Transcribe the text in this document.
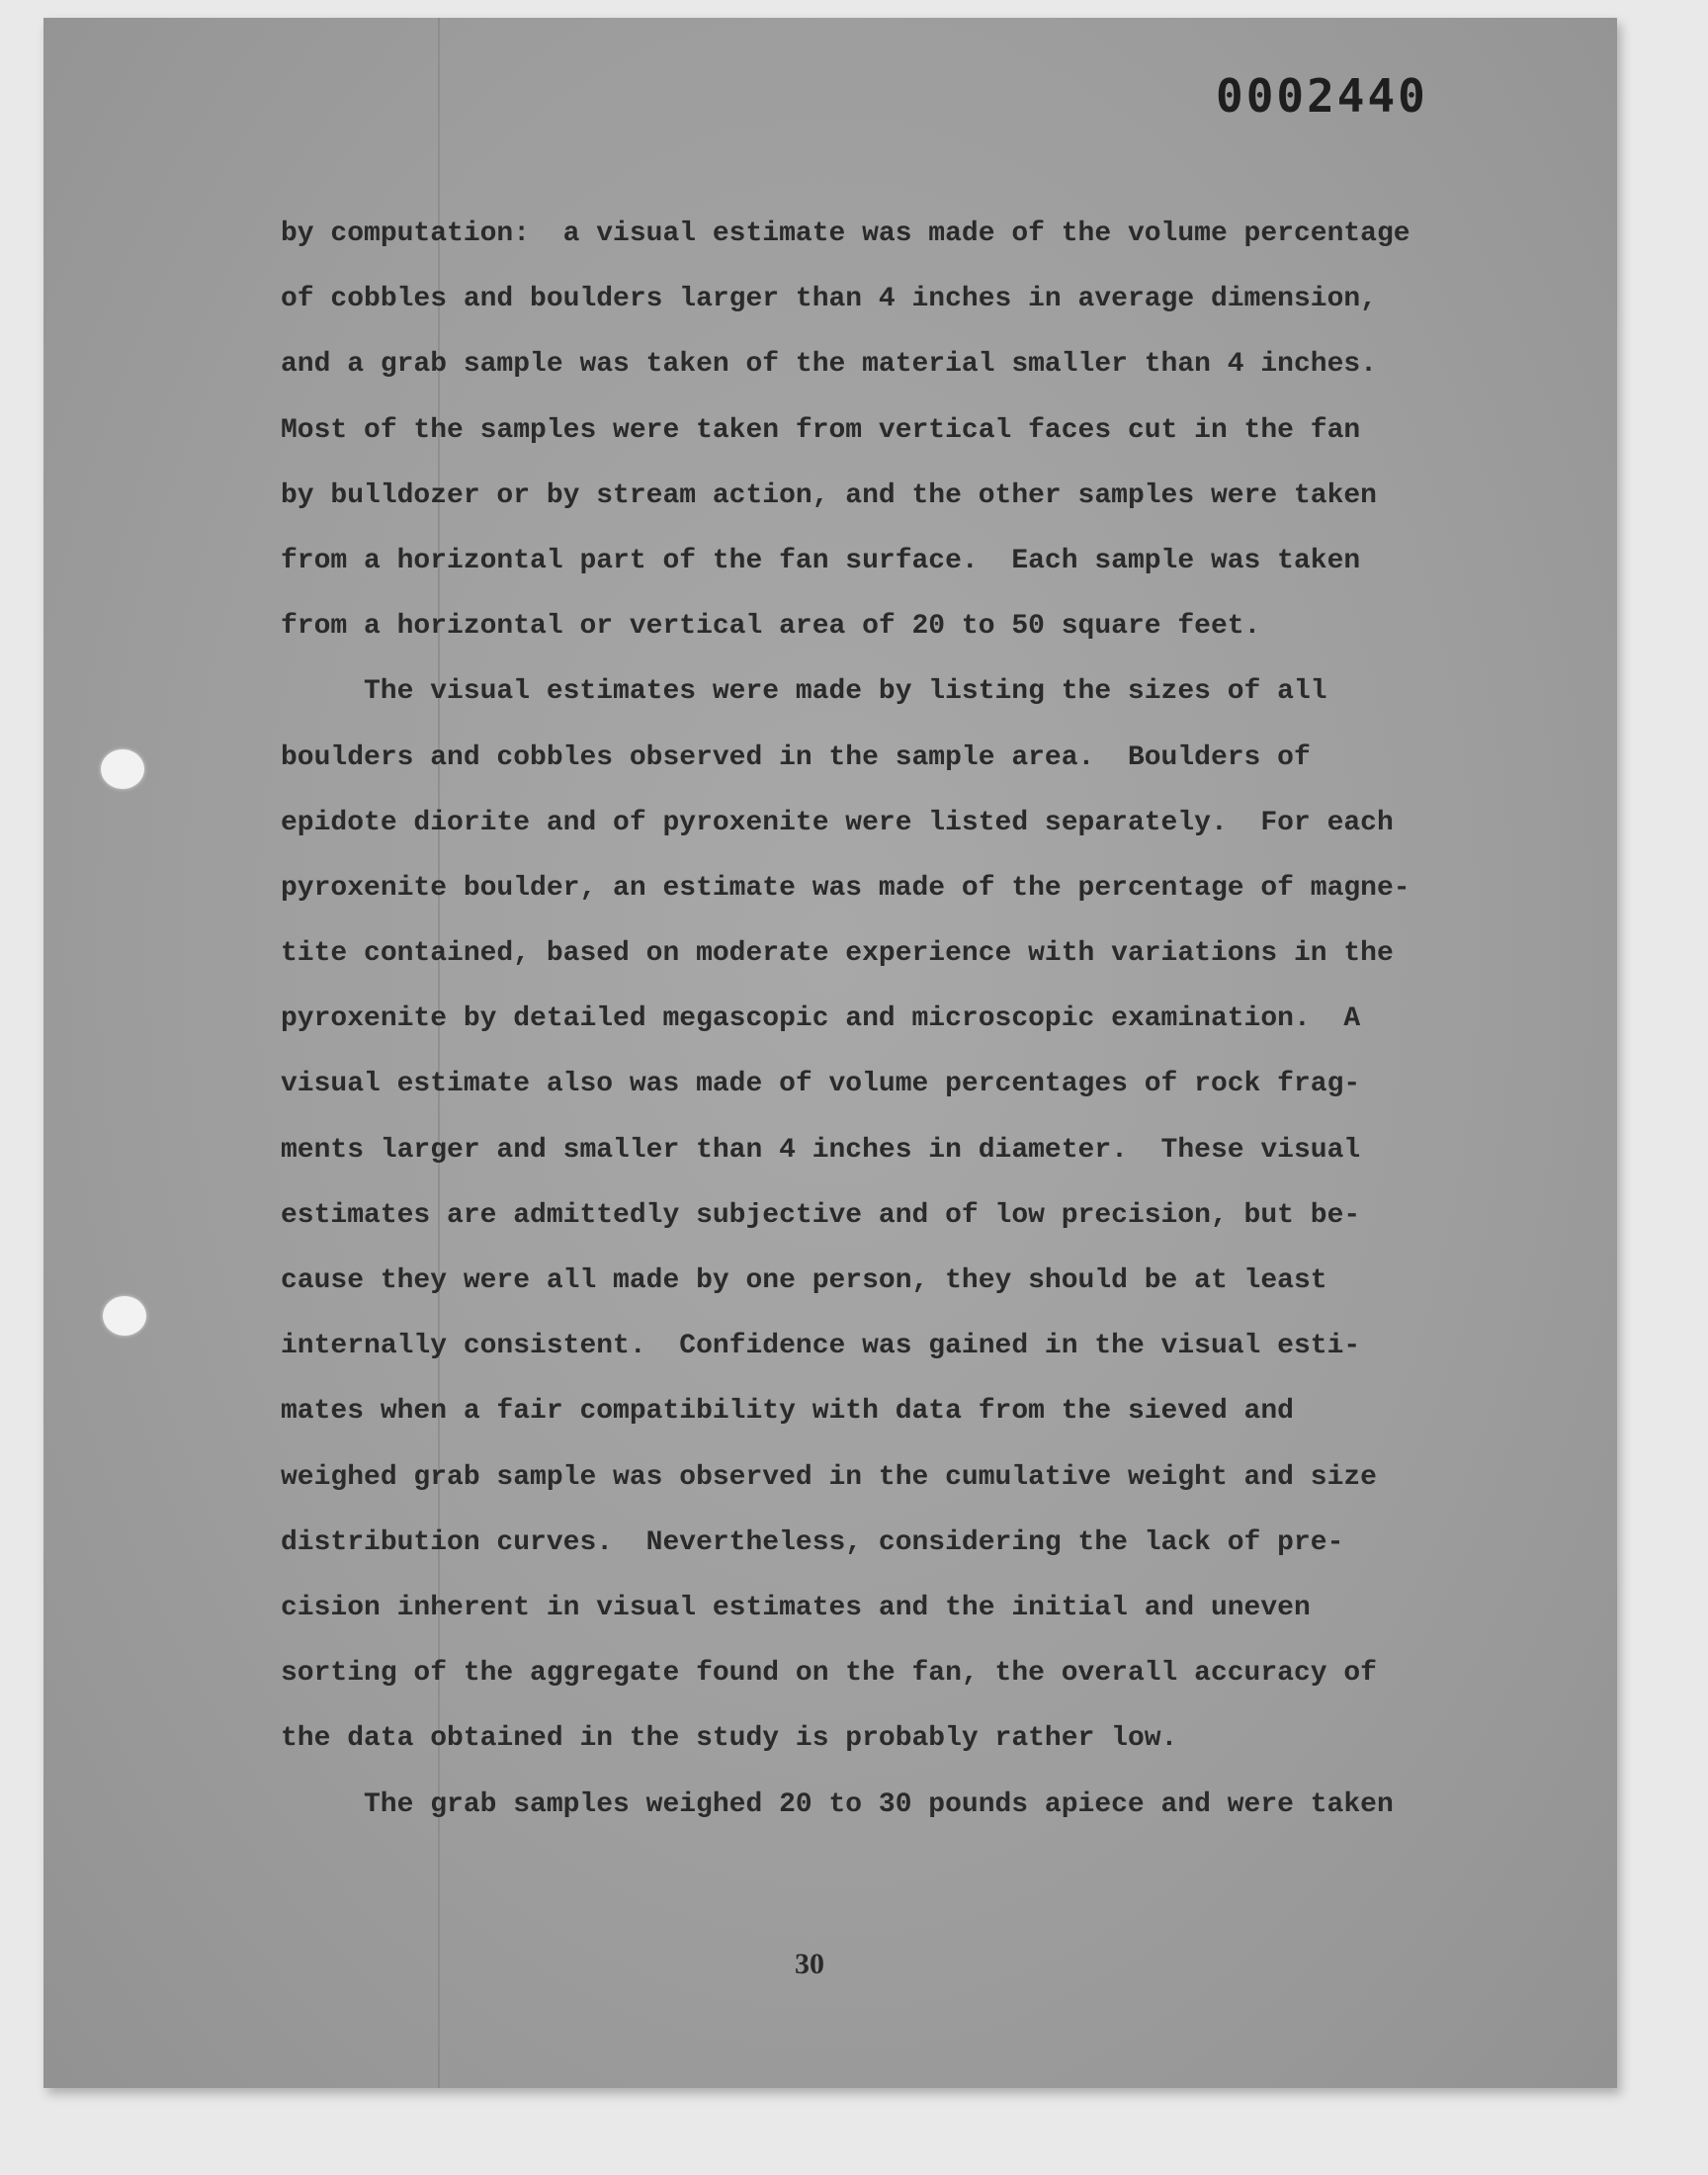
0002440
by computation:  a visual estimate was made of the volume percentage
of cobbles and boulders larger than 4 inches in average dimension,
and a grab sample was taken of the material smaller than 4 inches.
Most of the samples were taken from vertical faces cut in the fan
by bulldozer or by stream action, and the other samples were taken
from a horizontal part of the fan surface.  Each sample was taken
from a horizontal or vertical area of 20 to 50 square feet.
The visual estimates were made by listing the sizes of all
boulders and cobbles observed in the sample area.  Boulders of
epidote diorite and of pyroxenite were listed separately.  For each
pyroxenite boulder, an estimate was made of the percentage of magne-
tite contained, based on moderate experience with variations in the
pyroxenite by detailed megascopic and microscopic examination.  A
visual estimate also was made of volume percentages of rock frag-
ments larger and smaller than 4 inches in diameter.  These visual
estimates are admittedly subjective and of low precision, but be-
cause they were all made by one person, they should be at least
internally consistent.  Confidence was gained in the visual esti-
mates when a fair compatibility with data from the sieved and
weighed grab sample was observed in the cumulative weight and size
distribution curves.  Nevertheless, considering the lack of pre-
cision inherent in visual estimates and the initial and uneven
sorting of the aggregate found on the fan, the overall accuracy of
the data obtained in the study is probably rather low.
The grab samples weighed 20 to 30 pounds apiece and were taken
30
